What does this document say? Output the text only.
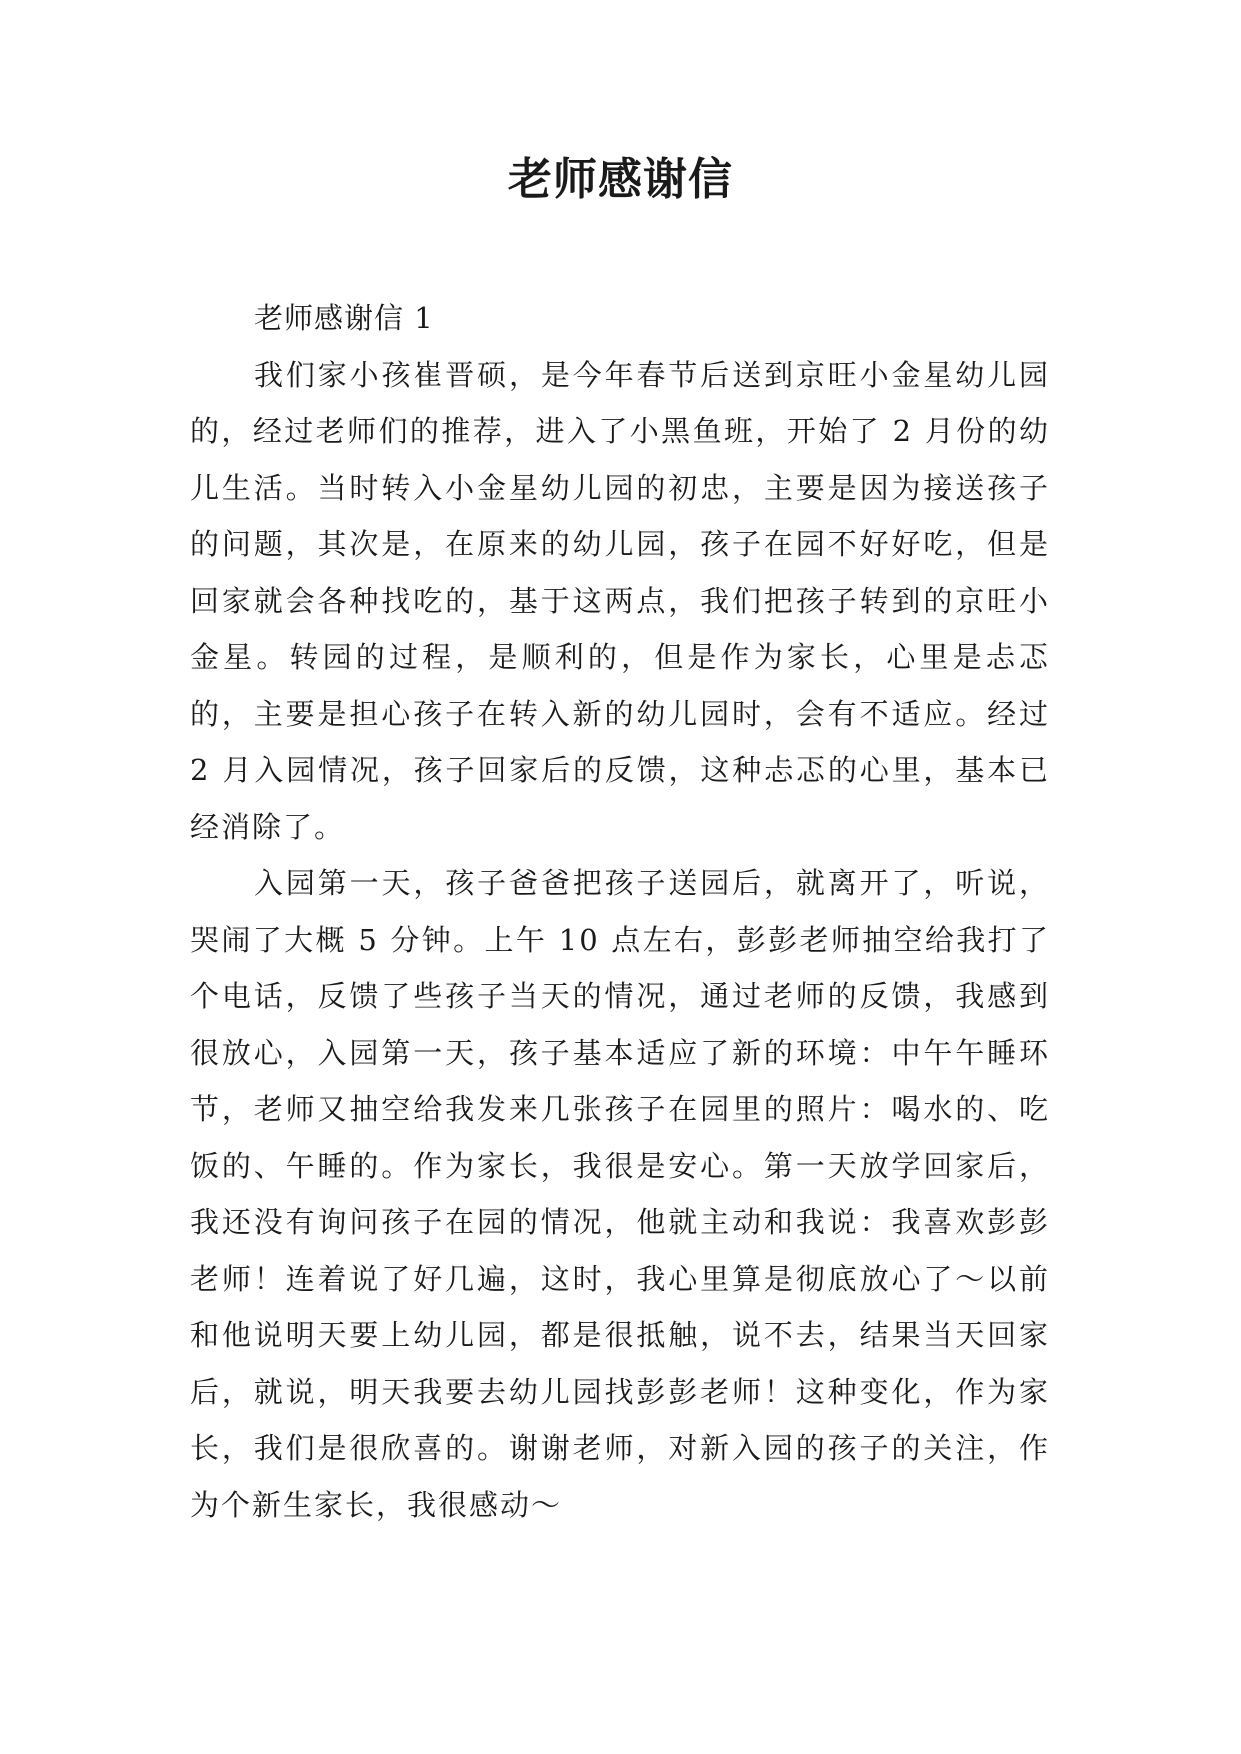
老师感谢信

老师感谢信 1

我们家小孩崔晋硕，是今年春节后送到京旺小金星幼儿园的，经过老师们的推荐，进入了小黑鱼班，开始了 2 月份的幼儿生活。当时转入小金星幼儿园的初忠，主要是因为接送孩子的问题，其次是，在原来的幼儿园，孩子在园不好好吃，但是回家就会各种找吃的，基于这两点，我们把孩子转到的京旺小金星。转园的过程，是顺利的，但是作为家长，心里是忐忑的，主要是担心孩子在转入新的幼儿园时，会有不适应。经过 2 月入园情况，孩子回家后的反馈，这种忐忑的心里，基本已经消除了。

入园第一天，孩子爸爸把孩子送园后，就离开了，听说，哭闹了大概 5 分钟。上午 10 点左右，彭彭老师抽空给我打了个电话，反馈了些孩子当天的情况，通过老师的反馈，我感到很放心，入园第一天，孩子基本适应了新的环境：中午午睡环节，老师又抽空给我发来几张孩子在园里的照片：喝水的、吃饭的、午睡的。作为家长，我很是安心。第一天放学回家后，我还没有询问孩子在园的情况，他就主动和我说：我喜欢彭彭老师！连着说了好几遍，这时，我心里算是彻底放心了～以前和他说明天要上幼儿园，都是很抵触，说不去，结果当天回家后，就说，明天我要去幼儿园找彭彭老师！这种变化，作为家长，我们是很欣喜的。谢谢老师，对新入园的孩子的关注，作为个新生家长，我很感动～
